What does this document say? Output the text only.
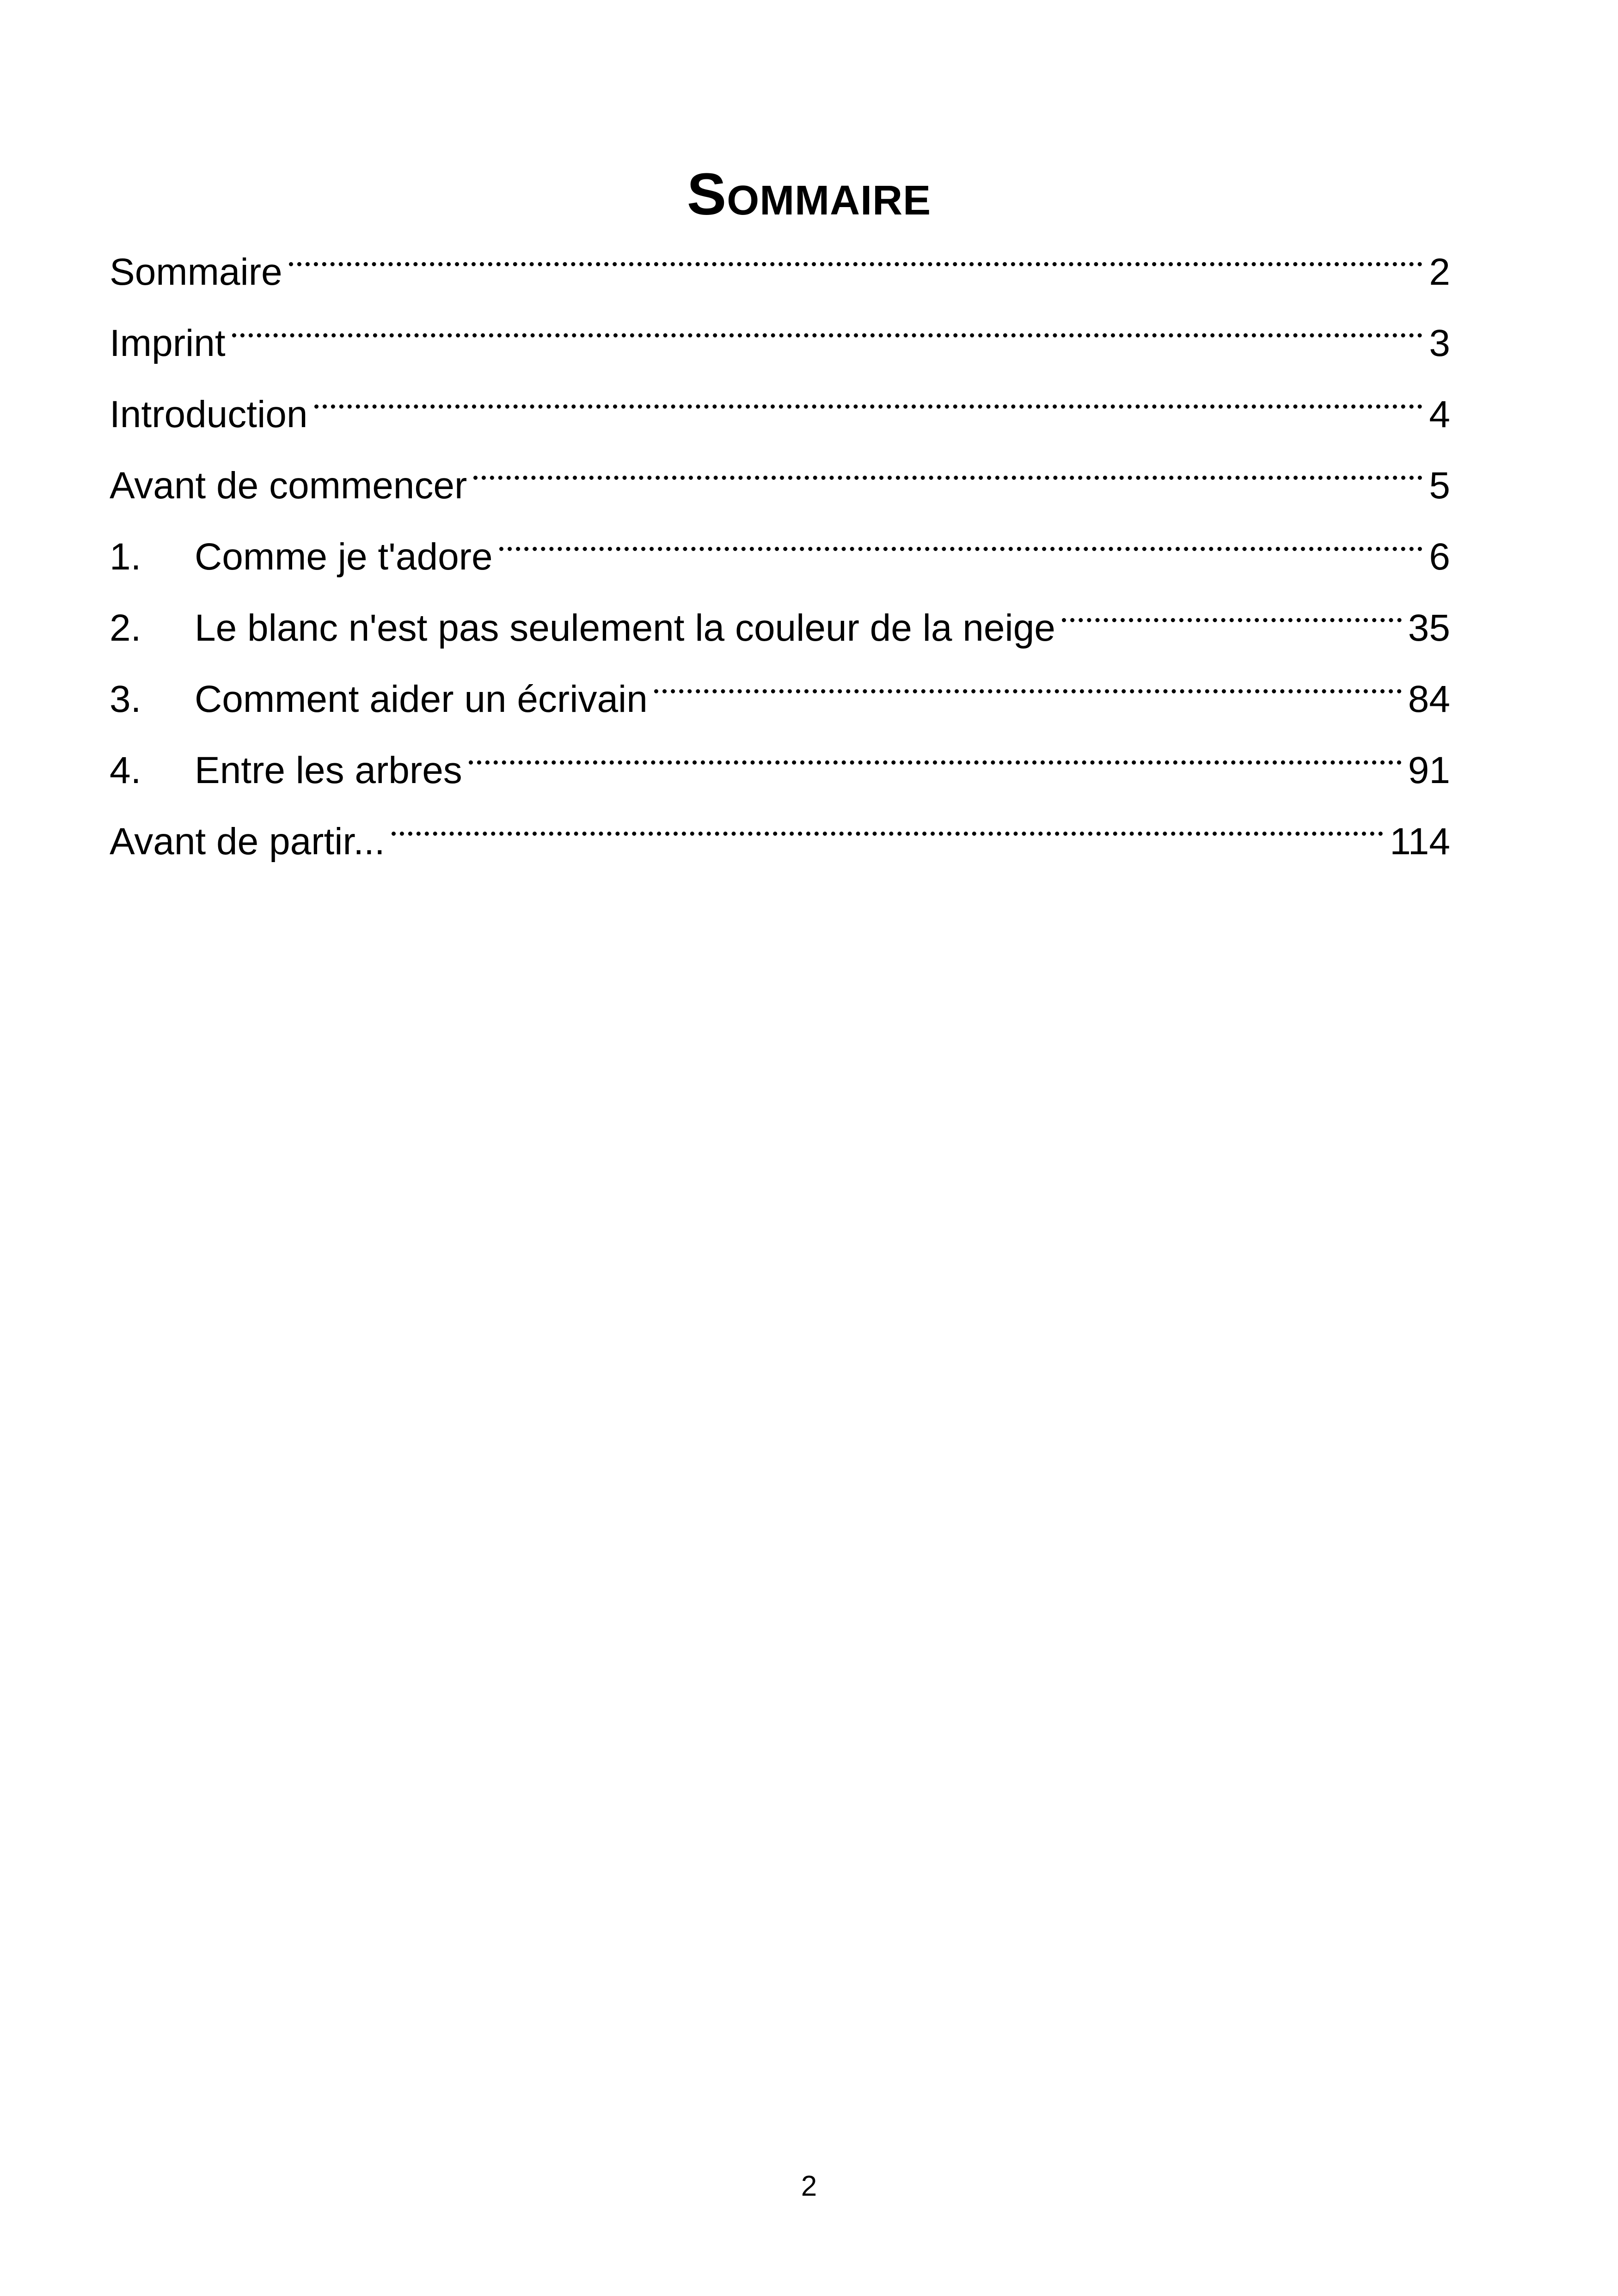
Sommaire
Sommaire	2
Imprint	3
Introduction	4
Avant de commencer	5
1.	Comme je t'adore	6
2.	Le blanc n'est pas seulement la couleur de la neige	35
3.	Comment aider un écrivain	84
4.	Entre les arbres	91
Avant de partir...	114
2
